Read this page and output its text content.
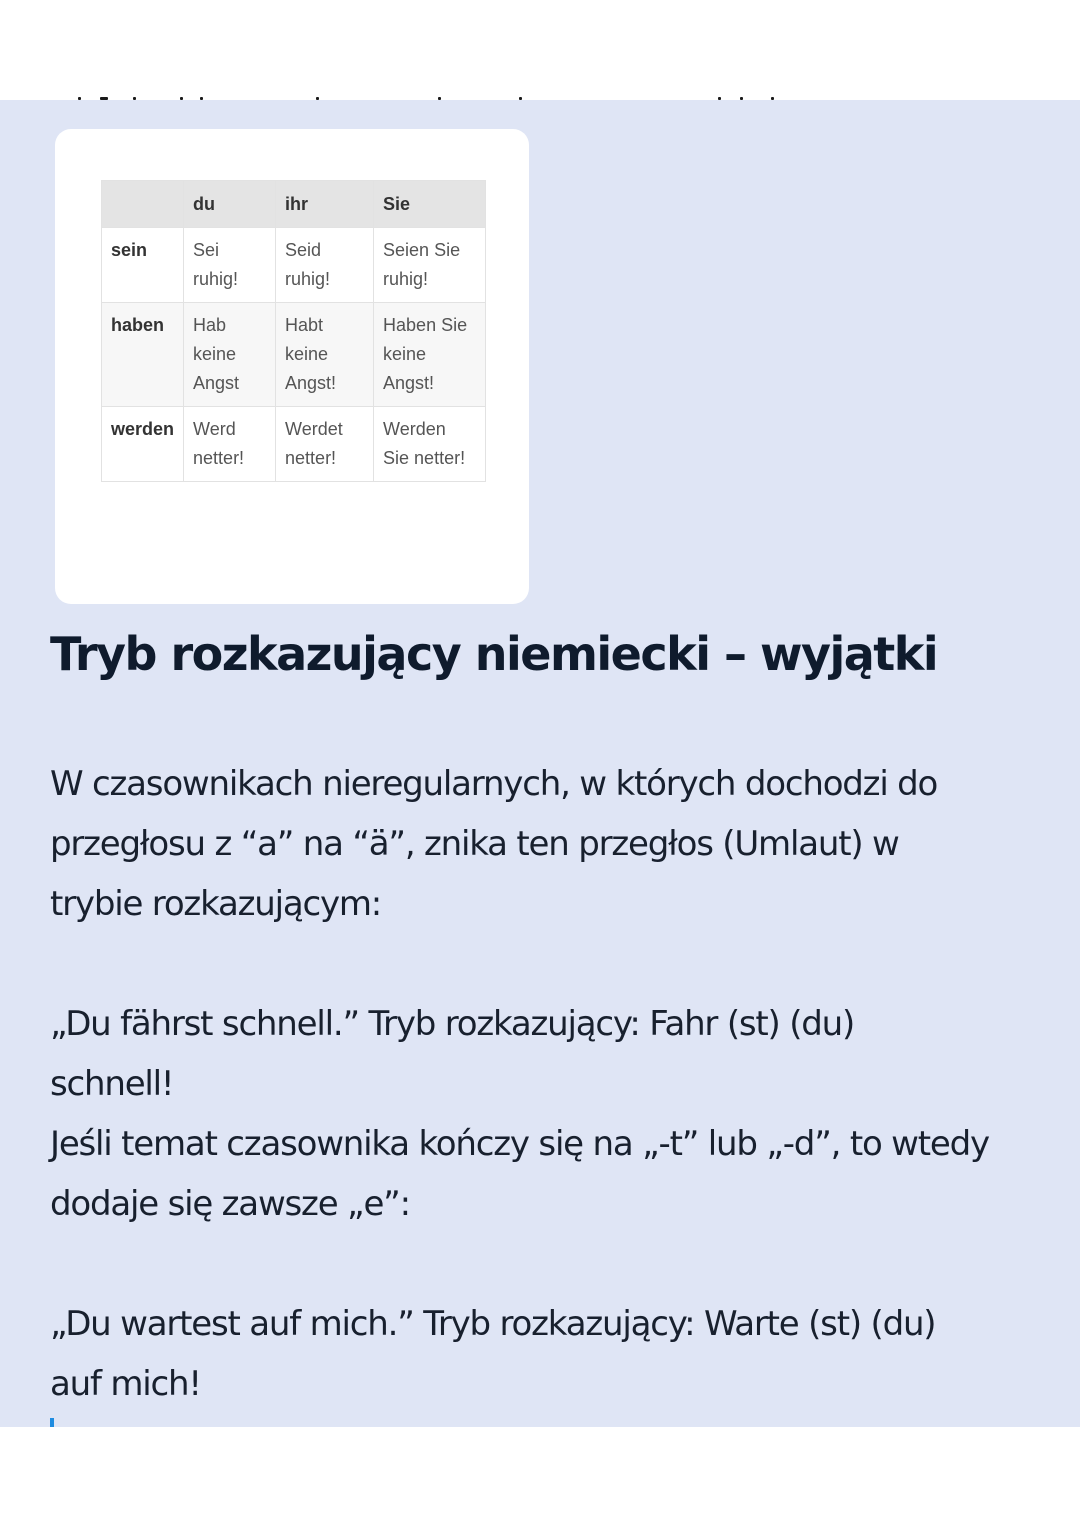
	du	ihr	Sie
sein	Sei ruhig!	Seid ruhig!	Seien Sie ruhig!
haben	Hab keine Angst	Habt keine Angst!	Haben Sie keine Angst!
werden	Werd netter!	Werdet netter!	Werden Sie netter!
Tryb rozkazujący niemiecki – wyjątki

W czasownikach nieregularnych, w których dochodzi do
przegłosu z “a” na “ä”, znika ten przegłos (Umlaut) w
trybie rozkazującym:

„Du fährst schnell.” Tryb rozkazujący: Fahr (st) (du)
schnell!
Jeśli temat czasownika kończy się na „-t” lub „-d”, to wtedy
dodaje się zawsze „e”:

„Du wartest auf mich.” Tryb rozkazujący: Warte (st) (du)
auf mich!
